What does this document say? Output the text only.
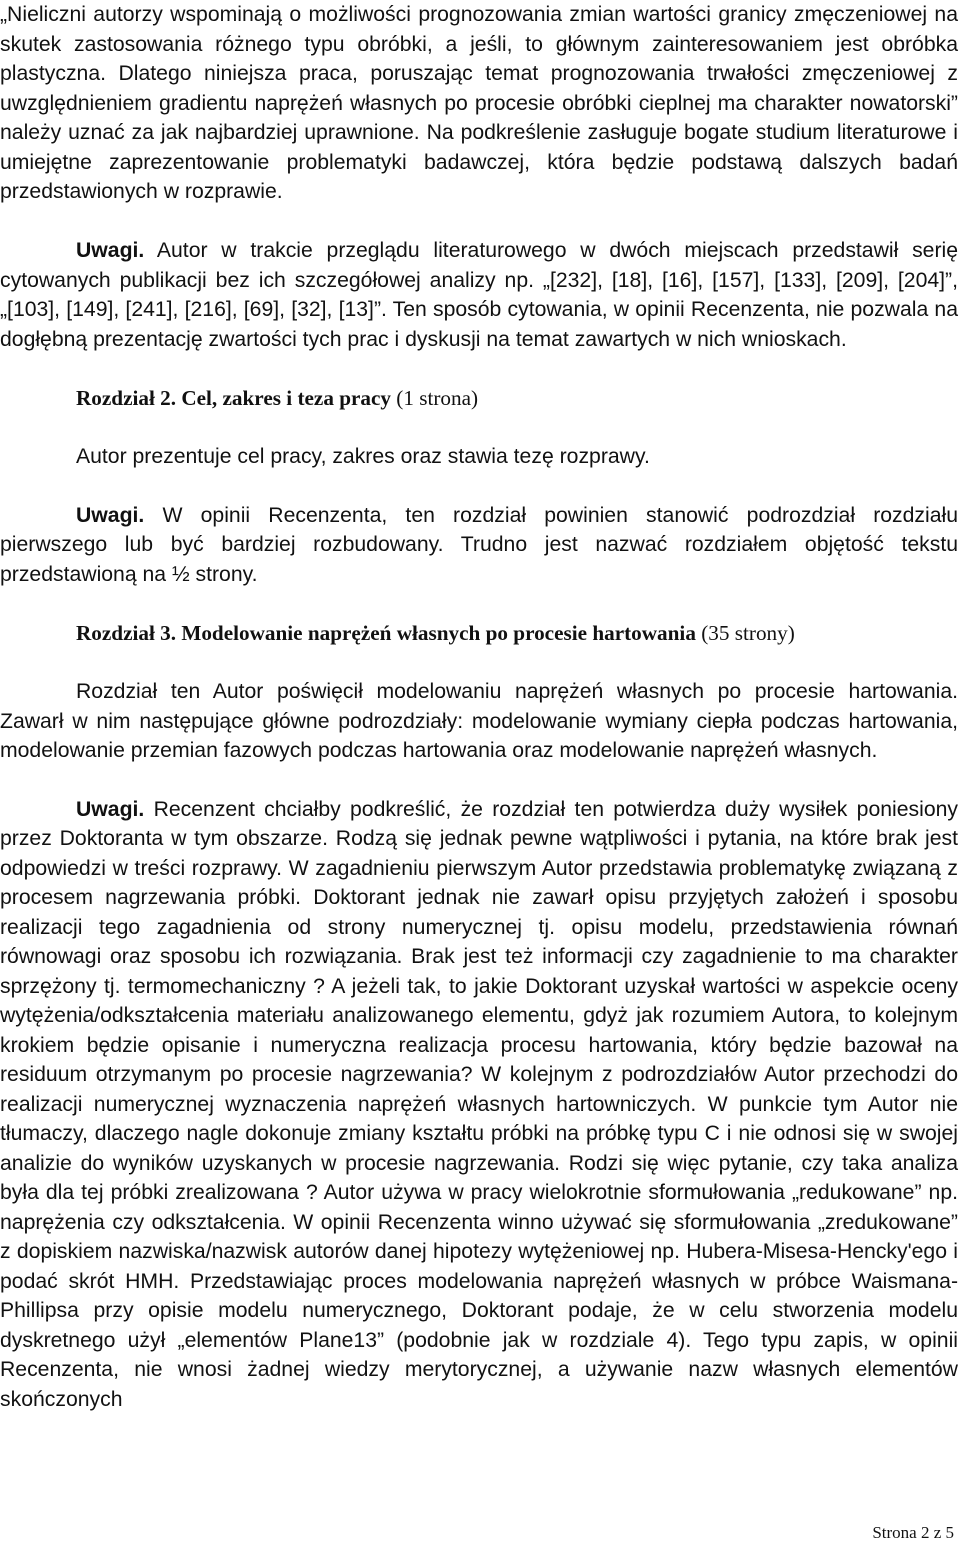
„Nieliczni autorzy wspominają o możliwości prognozowania zmian wartości granicy zmęczeniowej na skutek zastosowania różnego typu obróbki, a jeśli, to głównym zainteresowaniem jest obróbka plastyczna. Dlatego niniejsza praca, poruszając temat prognozowania trwałości zmęczeniowej z uwzględnieniem gradientu naprężeń własnych po procesie obróbki cieplnej ma charakter nowatorski” należy uznać za jak najbardziej uprawnione. Na podkreślenie zasługuje bogate studium literaturowe i umiejętne zaprezentowanie problematyki badawczej, która będzie podstawą dalszych badań przedstawionych w rozprawie.

Uwagi. Autor w trakcie przeglądu literaturowego w dwóch miejscach przedstawił serię cytowanych publikacji bez ich szczegółowej analizy np. „[232], [18], [16], [157], [133], [209], [204]”, „[103], [149], [241], [216], [69], [32], [13]”. Ten sposób cytowania, w opinii Recenzenta, nie pozwala na dogłębną prezentację zwartości tych prac i dyskusji na temat zawartych w nich wnioskach.

Rozdział 2. Cel, zakres i teza pracy (1 strona)

Autor prezentuje cel pracy, zakres oraz stawia tezę rozprawy.

Uwagi. W opinii Recenzenta, ten rozdział powinien stanowić podrozdział rozdziału pierwszego lub być bardziej rozbudowany. Trudno jest nazwać rozdziałem objętość tekstu przedstawioną na ½ strony.

Rozdział 3. Modelowanie naprężeń własnych po procesie hartowania (35 strony)

Rozdział ten Autor poświęcił modelowaniu naprężeń własnych po procesie hartowania. Zawarł w nim następujące główne podrozdziały: modelowanie wymiany ciepła podczas hartowania, modelowanie przemian fazowych podczas hartowania oraz modelowanie naprężeń własnych.

Uwagi. Recenzent chciałby podkreślić, że rozdział ten potwierdza duży wysiłek poniesiony przez Doktoranta w tym obszarze. Rodzą się jednak pewne wątpliwości i pytania, na które brak jest odpowiedzi w treści rozprawy. W zagadnieniu pierwszym Autor przedstawia problematykę związaną z procesem nagrzewania próbki. Doktorant jednak nie zawarł opisu przyjętych założeń i sposobu realizacji tego zagadnienia od strony numerycznej tj. opisu modelu, przedstawienia równań równowagi oraz sposobu ich rozwiązania. Brak jest też informacji czy zagadnienie to ma charakter sprzężony tj. termomechaniczny ? A jeżeli tak, to jakie Doktorant uzyskał wartości w aspekcie oceny wytężenia/odkształcenia materiału analizowanego elementu, gdyż jak rozumiem Autora, to kolejnym krokiem będzie opisanie i numeryczna realizacja procesu hartowania, który będzie bazował na residuum otrzymanym po procesie nagrzewania? W kolejnym z podrozdziałów Autor przechodzi do realizacji numerycznej wyznaczenia naprężeń własnych hartowniczych. W punkcie tym Autor nie tłumaczy, dlaczego nagle dokonuje zmiany kształtu próbki na próbkę typu C i nie odnosi się w swojej analizie do wyników uzyskanych w procesie nagrzewania. Rodzi się więc pytanie, czy taka analiza była dla tej próbki zrealizowana ? Autor używa w pracy wielokrotnie sformułowania „redukowane” np. naprężenia czy odkształcenia. W opinii Recenzenta winno używać się sformułowania „zredukowane” z dopiskiem nazwiska/nazwisk autorów danej hipotezy wytężeniowej np. Hubera-Misesa-Hencky'ego i podać skrót HMH. Przedstawiając proces modelowania naprężeń własnych w próbce Waismana-Phillipsa przy opisie modelu numerycznego, Doktorant podaje, że w celu stworzenia modelu dyskretnego użył „elementów Plane13” (podobnie jak w rozdziale 4). Tego typu zapis, w opinii Recenzenta, nie wnosi żadnej wiedzy merytorycznej, a używanie nazw własnych elementów skończonych

Strona 2 z 5
